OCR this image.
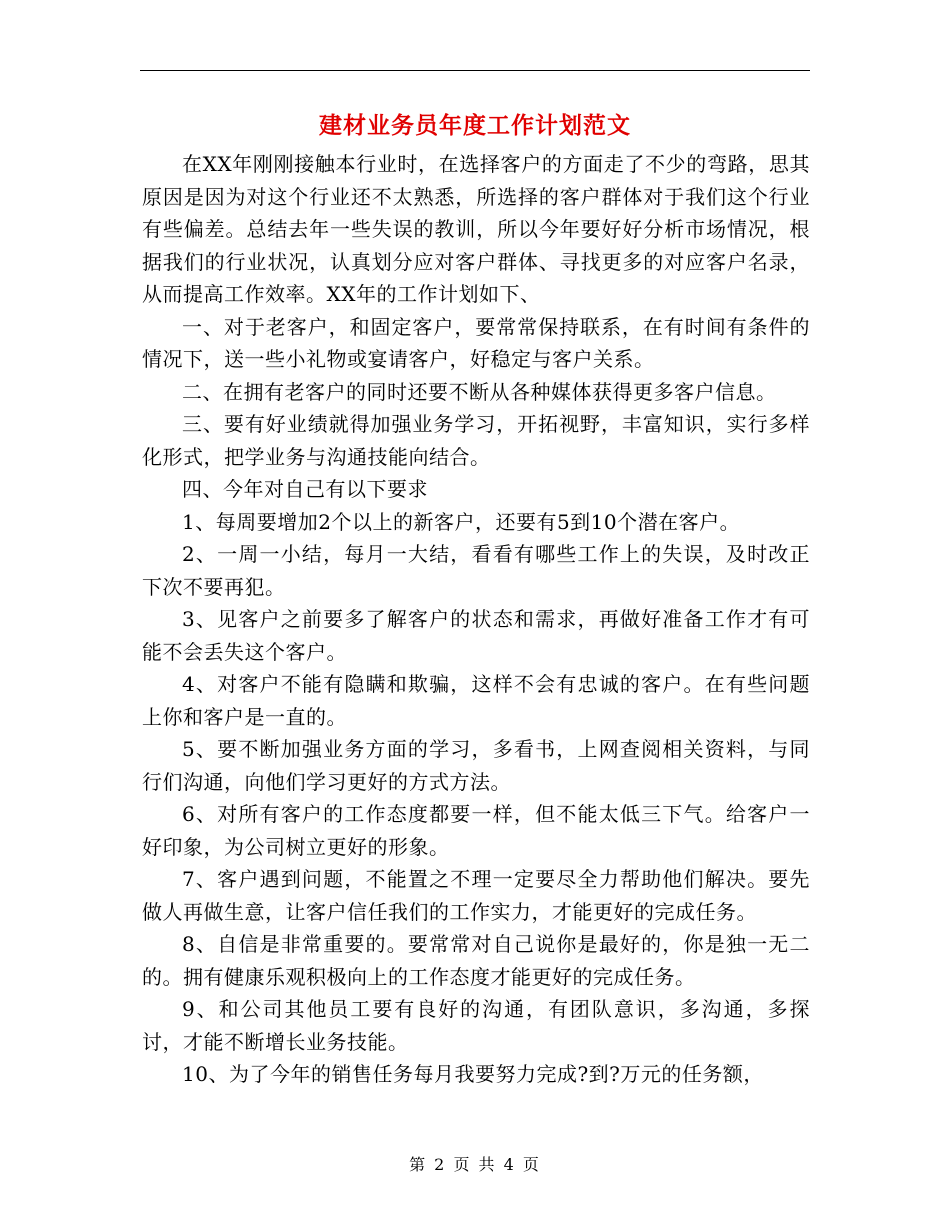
建材业务员年度工作计划范文

在XX年刚刚接触本行业时，在选择客户的方面走了不少的弯路，思其原因是因为对这个行业还不太熟悉，所选择的客户群体对于我们这个行业有些偏差。总结去年一些失误的教训，所以今年要好好分析市场情况，根据我们的行业状况，认真划分应对客户群体、寻找更多的对应客户名录，从而提高工作效率。XX年的工作计划如下、

一、对于老客户，和固定客户，要常常保持联系，在有时间有条件的情况下，送一些小礼物或宴请客户，好稳定与客户关系。

二、在拥有老客户的同时还要不断从各种媒体获得更多客户信息。

三、要有好业绩就得加强业务学习，开拓视野，丰富知识，实行多样化形式，把学业务与沟通技能向结合。

四、今年对自己有以下要求

1、每周要增加2个以上的新客户，还要有5到10个潜在客户。

2、一周一小结，每月一大结，看看有哪些工作上的失误，及时改正下次不要再犯。

3、见客户之前要多了解客户的状态和需求，再做好准备工作才有可能不会丢失这个客户。

4、对客户不能有隐瞒和欺骗，这样不会有忠诚的客户。在有些问题上你和客户是一直的。

5、要不断加强业务方面的学习，多看书，上网查阅相关资料，与同行们沟通，向他们学习更好的方式方法。

6、对所有客户的工作态度都要一样，但不能太低三下气。给客户一好印象，为公司树立更好的形象。

7、客户遇到问题，不能置之不理一定要尽全力帮助他们解决。要先做人再做生意，让客户信任我们的工作实力，才能更好的完成任务。

8、自信是非常重要的。要常常对自己说你是最好的，你是独一无二的。拥有健康乐观积极向上的工作态度才能更好的完成任务。

9、和公司其他员工要有良好的沟通，有团队意识，多沟通，多探讨，才能不断增长业务技能。

10、为了今年的销售任务每月我要努力完成?到?万元的任务额，

第 2 页 共 4 页
